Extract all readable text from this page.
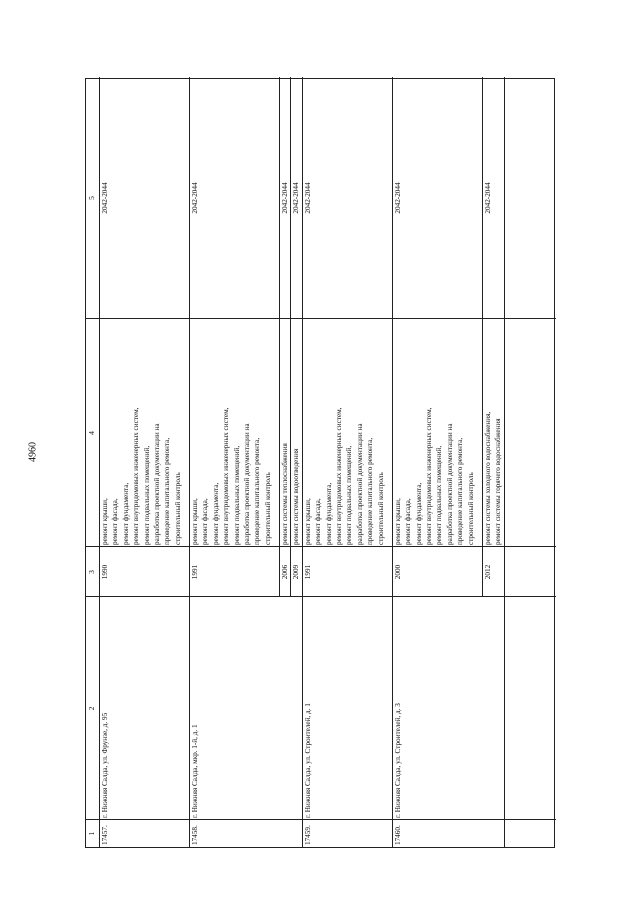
4960
1
2
3
4
5
17457.
г. Нижняя Салда, ул. Фрунзе, д. 95
1990
ремонт крыши, ремонт фасада, ремонт фундамента, ремонт внутридомовых инженерных систем, ремонт подвальных помещений, разработка проектной документации на проведение капитального ремонта, строительный контроль
2042-2044
17458.
г. Нижняя Салда, мкр. 1-й, д. 1
1991
ремонт крыши, ремонт фасада, ремонт фундамента, ремонт внутридомовых инженерных систем, ремонт подвальных помещений, разработка проектной документации на проведение капитального ремонта, строительный контроль
2042-2044
2006
ремонт системы теплоснабжения
2042-2044
2009
ремонт системы водоотведения
2042-2044
17459.
г. Нижняя Салда, ул. Строителей, д. 1
1991
ремонт крыши, ремонт фасада, ремонт фундамента, ремонт внутридомовых инженерных систем, ремонт подвальных помещений, разработка проектной документации на проведение капитального ремонта, строительный контроль
2042-2044
17460.
г. Нижняя Салда, ул. Строителей, д. 3
2000
ремонт крыши, ремонт фасада, ремонт фундамента, ремонт внутридомовых инженерных систем, ремонт подвальных помещений, разработка проектной документации на проведение капитального ремонта, строительный контроль
2042-2044
2012
ремонт системы холодного водоснабжения, ремонт системы горячего водоснабжения
2042-2044
